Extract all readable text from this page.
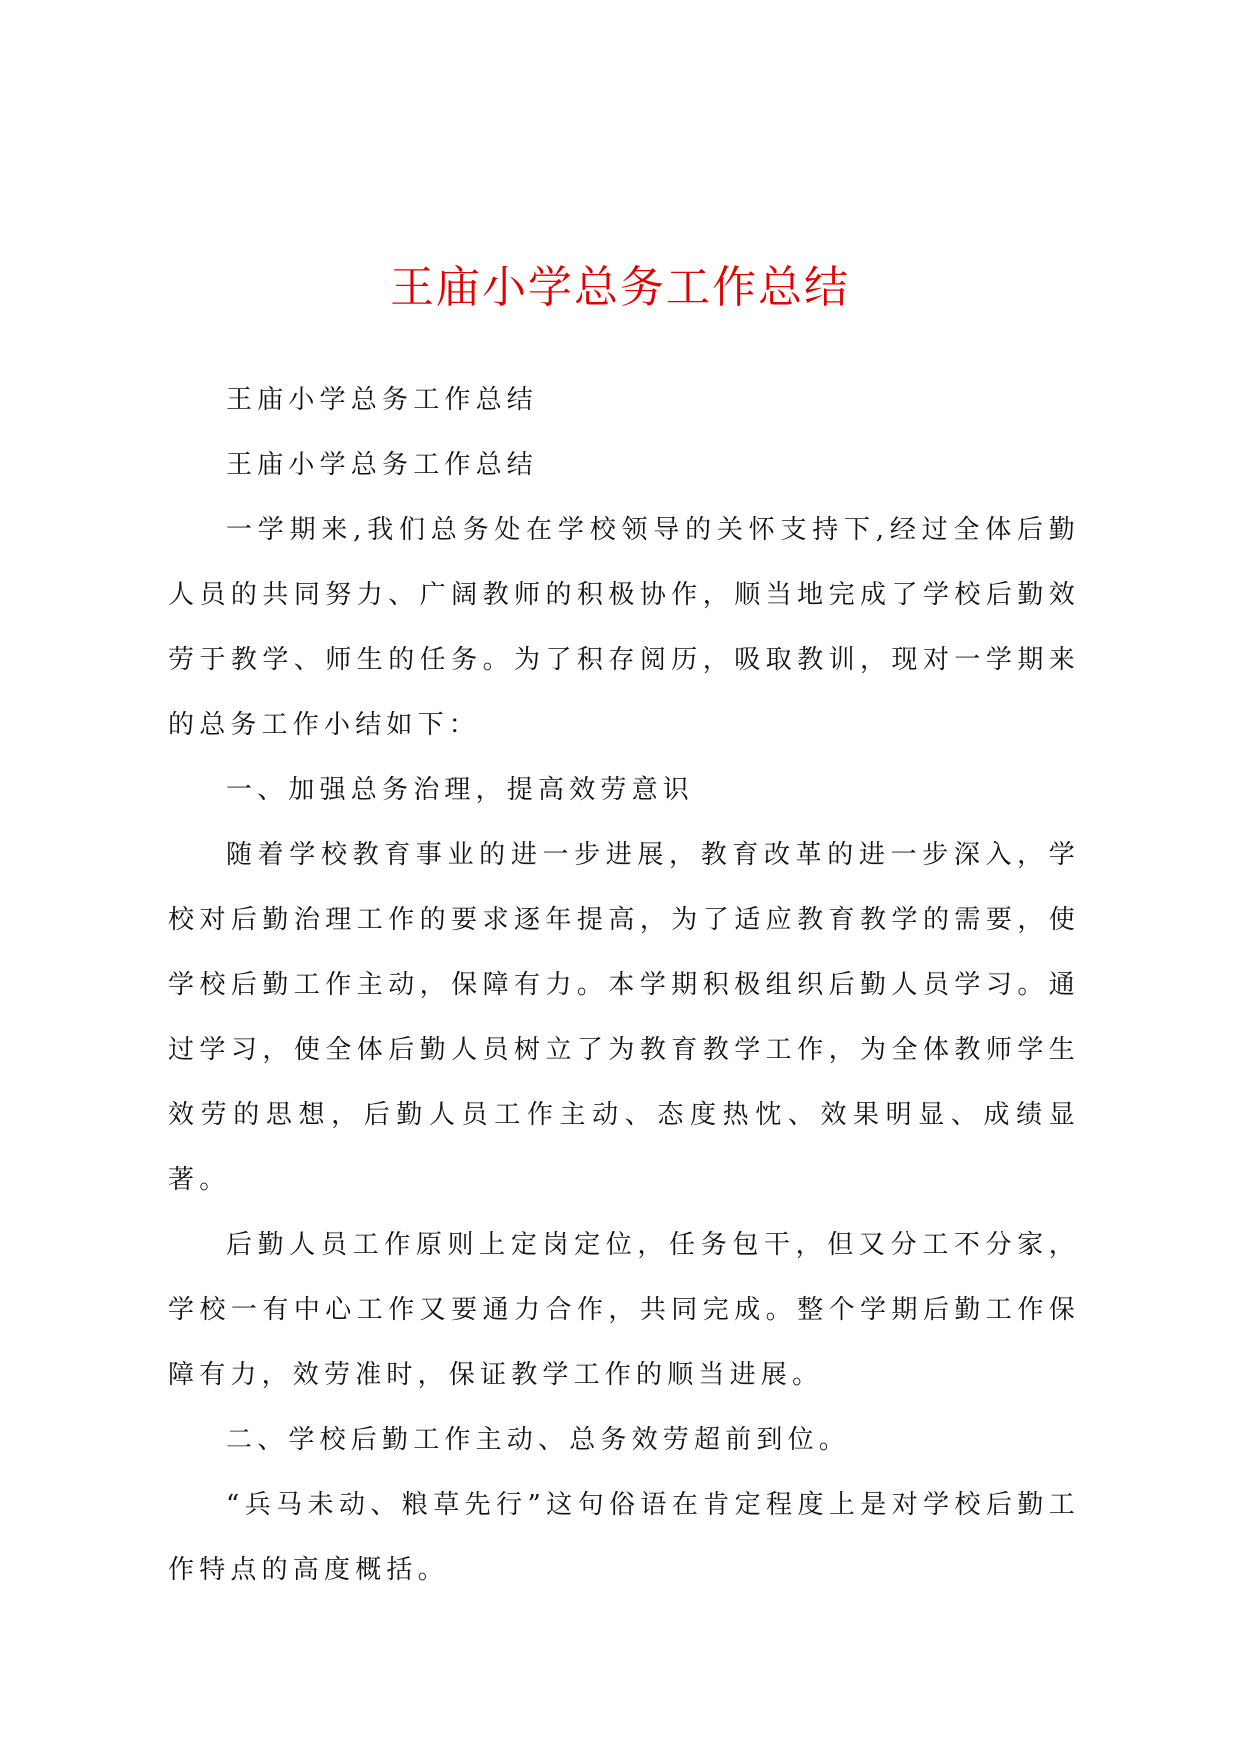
王庙小学总务工作总结

王庙小学总务工作总结

王庙小学总务工作总结

一学期来,我们总务处在学校领导的关怀支持下,经过全体后勤人员的共同努力、广阔教师的积极协作，顺当地完成了学校后勤效劳于教学、师生的任务。为了积存阅历，吸取教训，现对一学期来的总务工作小结如下：

一、加强总务治理，提高效劳意识

随着学校教育事业的进一步进展，教育改革的进一步深入，学校对后勤治理工作的要求逐年提高，为了适应教育教学的需要，使学校后勤工作主动，保障有力。本学期积极组织后勤人员学习。通过学习，使全体后勤人员树立了为教育教学工作，为全体教师学生效劳的思想，后勤人员工作主动、态度热忱、效果明显、成绩显著。

后勤人员工作原则上定岗定位，任务包干，但又分工不分家，学校一有中心工作又要通力合作，共同完成。整个学期后勤工作保障有力，效劳准时，保证教学工作的顺当进展。

二、学校后勤工作主动、总务效劳超前到位。

“兵马未动、粮草先行”这句俗语在肯定程度上是对学校后勤工作特点的高度概括。
